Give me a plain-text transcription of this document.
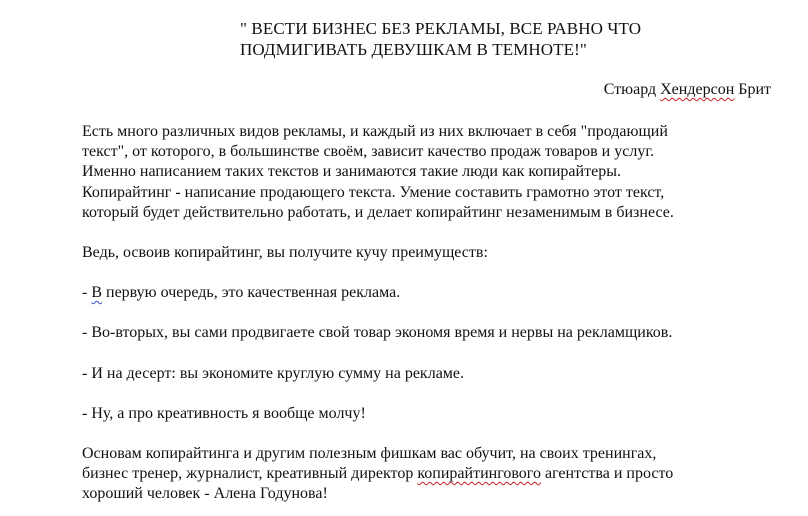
" ВЕСТИ БИЗНЕС БЕЗ РЕКЛАМЫ, ВСЕ РАВНО ЧТО
ПОДМИГИВАТЬ ДЕВУШКАМ В ТЕМНОТЕ!"
Стюард Хендерсон Брит
Есть много различных видов рекламы, и каждый из них включает в себя "продающий
текст", от которого, в большинстве своём, зависит качество продаж товаров и услуг.
Именно написанием таких текстов и занимаются такие люди как копирайтеры.
Копирайтинг - написание продающего текста. Умение составить грамотно этот текст,
который будет действительно работать, и делает копирайтинг незаменимым в бизнесе.
Ведь, освоив копирайтинг, вы получите кучу преимуществ:
- В первую очередь, это качественная реклама.
- Во-вторых, вы сами продвигаете свой товар экономя время и нервы на рекламщиков.
- И на десерт: вы экономите круглую сумму на рекламе.
- Ну, а про креативность я вообще молчу!
Основам копирайтинга и другим полезным фишкам вас обучит, на своих тренингах,
бизнес тренер, журналист, креативный директор копирайтингового агентства и просто
хороший человек - Алена Годунова!
